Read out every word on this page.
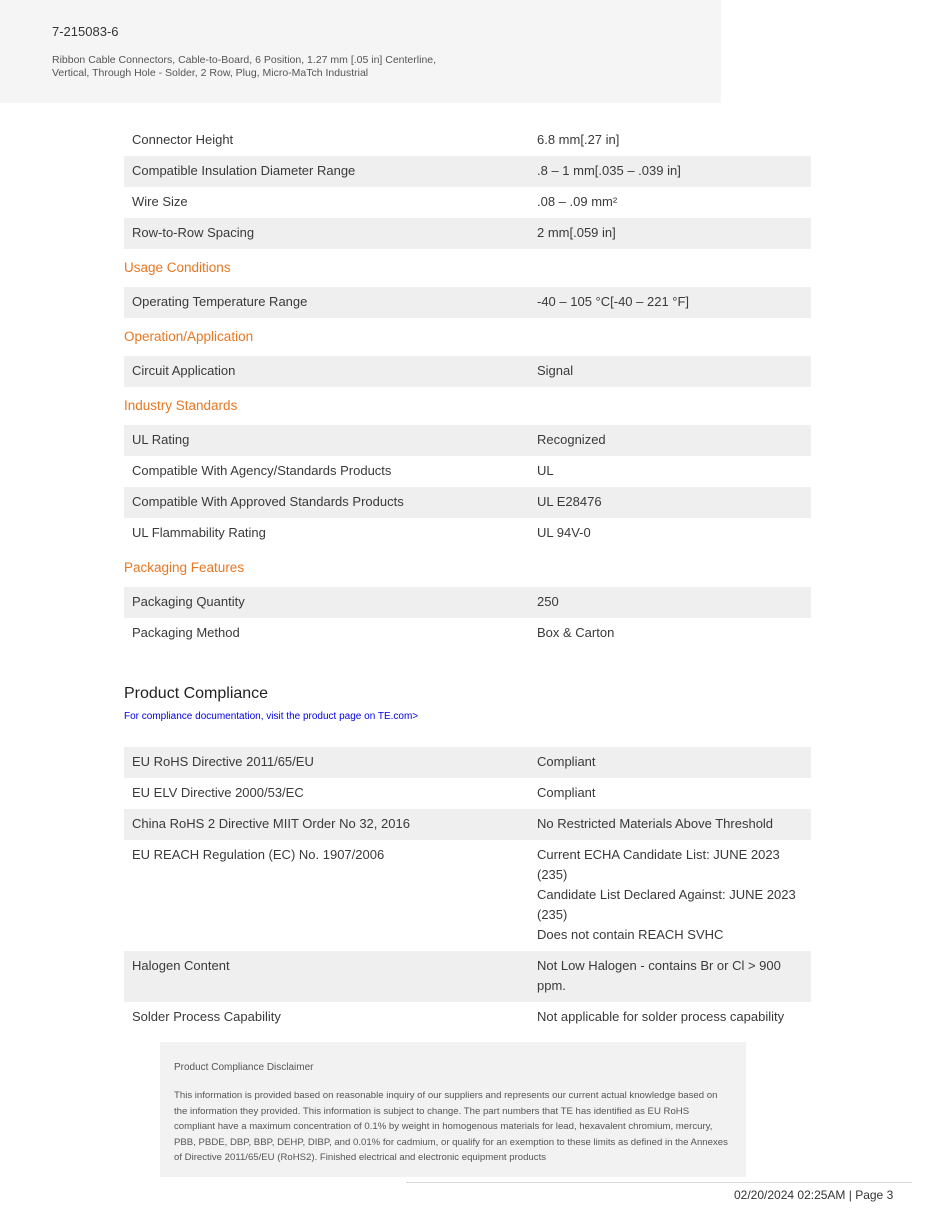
7-215083-6
Ribbon Cable Connectors, Cable-to-Board, 6 Position, 1.27 mm [.05 in] Centerline, Vertical, Through Hole - Solder, 2 Row, Plug, Micro-MaTch Industrial
Connector Height	6.8 mm[.27 in]
Compatible Insulation Diameter Range	.8 – 1 mm[.035 – .039 in]
Wire Size	.08 – .09 mm²
Row-to-Row Spacing	2 mm[.059 in]
Usage Conditions
Operating Temperature Range	-40 – 105 °C[-40 – 221 °F]
Operation/Application
Circuit Application	Signal
Industry Standards
UL Rating	Recognized
Compatible With Agency/Standards Products	UL
Compatible With Approved Standards Products	UL E28476
UL Flammability Rating	UL 94V-0
Packaging Features
Packaging Quantity	250
Packaging Method	Box & Carton
Product Compliance
For compliance documentation, visit the product page on TE.com>
EU RoHS Directive 2011/65/EU	Compliant
EU ELV Directive 2000/53/EC	Compliant
China RoHS 2 Directive MIIT Order No 32, 2016	No Restricted Materials Above Threshold
EU REACH Regulation (EC) No. 1907/2006	Current ECHA Candidate List: JUNE 2023 (235)
Candidate List Declared Against: JUNE 2023 (235)
Does not contain REACH SVHC
Halogen Content	Not Low Halogen - contains Br or Cl > 900 ppm.
Solder Process Capability	Not applicable for solder process capability
Product Compliance Disclaimer
This information is provided based on reasonable inquiry of our suppliers and represents our current actual knowledge based on the information they provided. This information is subject to change. The part numbers that TE has identified as EU RoHS compliant have a maximum concentration of 0.1% by weight in homogenous materials for lead, hexavalent chromium, mercury, PBB, PBDE, DBP, BBP, DEHP, DIBP, and 0.01% for cadmium, or qualify for an exemption to these limits as defined in the Annexes of Directive 2011/65/EU (RoHS2). Finished electrical and electronic equipment products
02/20/2024 02:25AM | Page 3
